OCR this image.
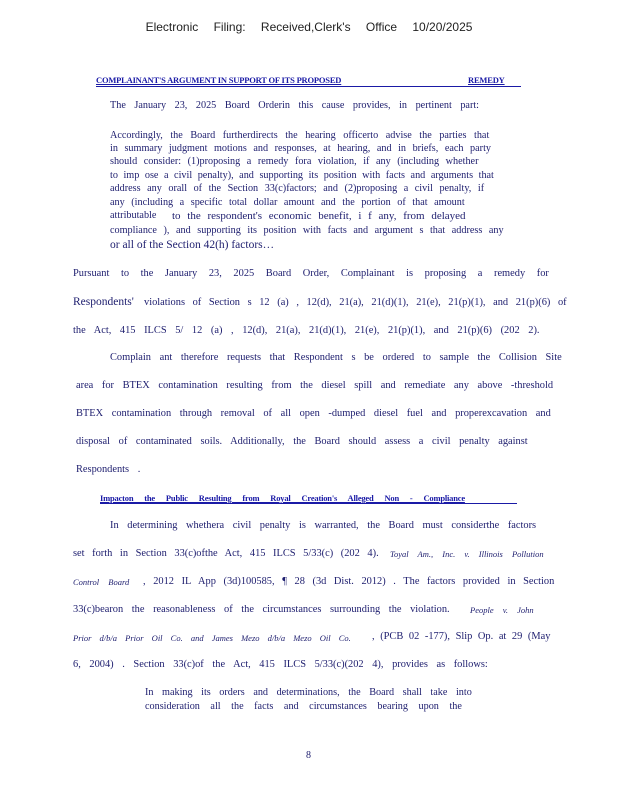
Electronic Filing: Received,Clerk's Office 10/20/2025
COMPLAINANT'S ARGUMENT IN SUPPORT OF ITS PROPOSED	REMEDY
The January 23, 2025 Board Orderin this cause provides, in pertinent part:
Accordingly, the Board furtherdirects the hearing officerto advise the parties that
in summary judgment motions and responses, at hearing, and in briefs, each party
should consider: (1)proposing a remedy fora violation, if any (including whether
to imp ose a civil penalty), and supporting its position with facts and arguments that
address any orall of the Section 33(c)factors; and (2)proposing a civil penalty, if
any (including a specific total dollar amount and the portion of that amount
attributable to the respondent's economic benefit, i f any, from delayed
compliance ), and supporting its position with facts and argument s that address any
or all of the Section 42(h) factors…
Pursuant to the January 23, 2025 Board Order, Complainant is proposing a remedy for
Respondents' violations of Section s 12 (a) , 12(d), 21(a), 21(d)(1), 21(e), 21(p)(1), and 21(p)(6) of
the Act, 415 ILCS 5/ 12 (a) , 12(d), 21(a), 21(d)(1), 21(e), 21(p)(1), and 21(p)(6) (202 2).
Complain ant therefore requests that Respondent s be ordered to sample the Collision Site
area for BTEX contamination resulting from the diesel spill and remediate any above -threshold
BTEX contamination through removal of all open -dumped diesel fuel and properexcavation and
disposal of contaminated soils. Additionally, the Board should assess a civil penalty against
Respondents .
Impacton the Public Resulting from Royal Creation's Alleged Non - Compliance
In determining whethera civil penalty is warranted, the Board must considerthe factors
set forth in Section 33(c)ofthe Act, 415 ILCS 5/33(c) (202 4). Toyal Am., Inc. v. Illinois Pollution
Control Board , 2012 IL App (3d)100585, ¶ 28 (3d Dist. 2012) . The factors provided in Section
33(c)bearon the reasonableness of the circumstances surrounding the violation. People v. John
Prior d/b/a Prior Oil Co. and James Mezo d/b/a Mezo Oil Co. , (PCB 02 -177), Slip Op. at 29 (May
6, 2004) . Section 33(c)of the Act, 415 ILCS 5/33(c)(202 4), provides as follows:
In making its orders and determinations, the Board shall take into
consideration all the facts and circumstances bearing upon the
8
